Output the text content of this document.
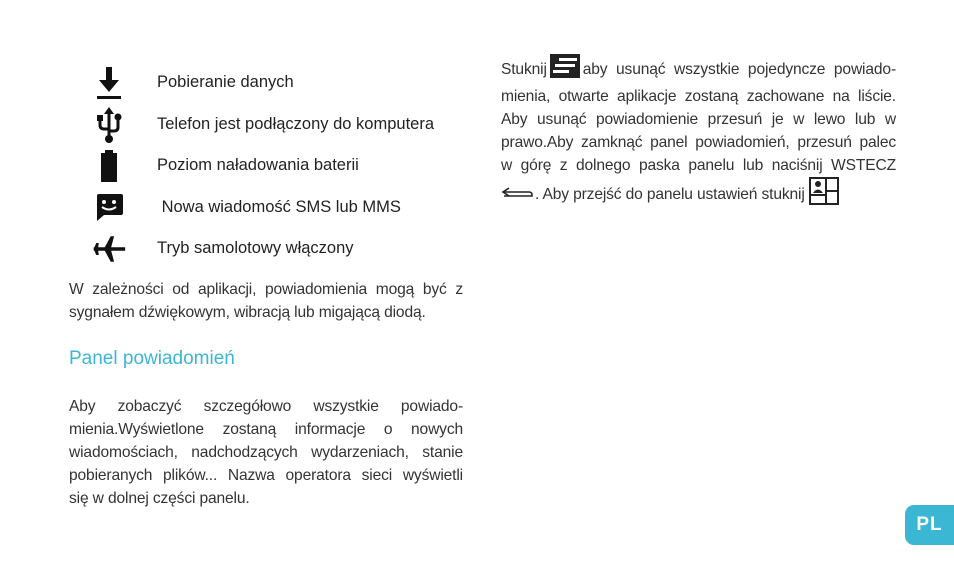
Pobieranie danych
Telefon jest podłączony do komputera
Poziom naładowania baterii
Nowa wiadomość SMS lub MMS
Tryb samolotowy włączony
W zależności od aplikacji, powiadomienia mogą być z
sygnałem dźwiękowym, wibracją lub migającą diodą.
Panel powiadomień
Aby zobaczyć szczegółowo wszystkie powiado-
mienia.Wyświetlone zostaną informacje o nowych
wiadomościach, nadchodzących wydarzeniach, stanie
pobieranych plików... Nazwa operatora sieci wyświetli
się w dolnej części panelu.
Stuknij aby usunąć wszystkie pojedyncze powiado-
mienia, otwarte aplikacje zostaną zachowane na liście.
Aby usunąć powiadomienie przesuń je w lewo lub w
prawo.Aby zamknąć panel powiadomień, przesuń palec
w górę z dolnego paska panelu lub naciśnij WSTECZ
. Aby przejść do panelu ustawień stuknij
PL
